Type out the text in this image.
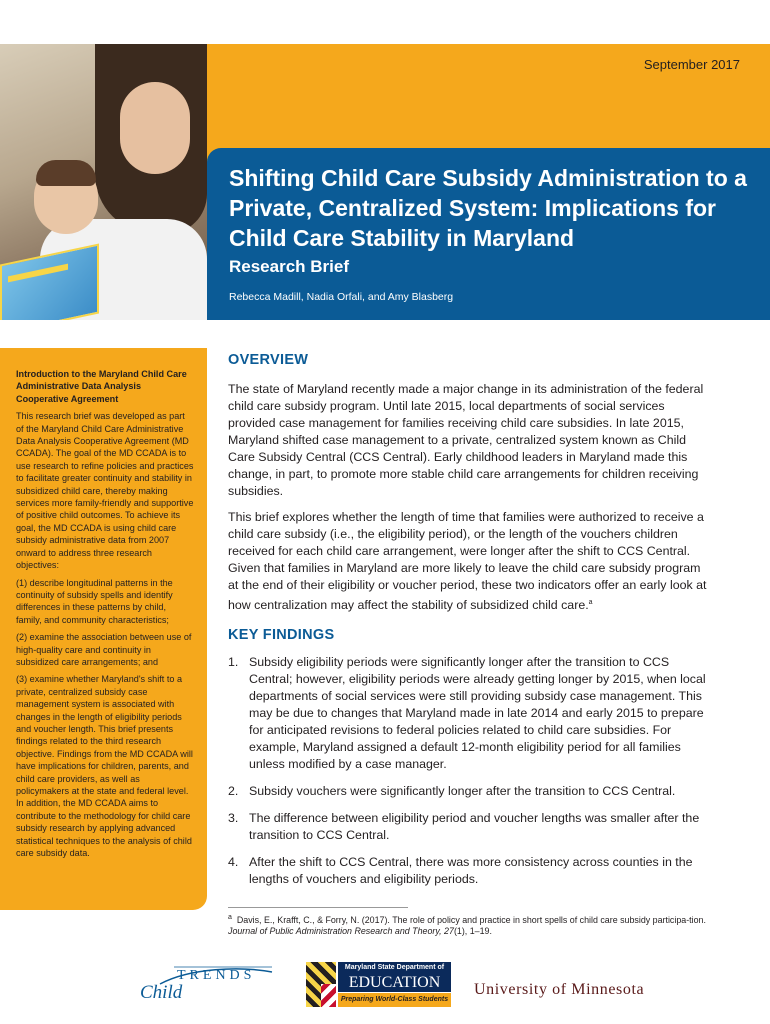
September 2017
Shifting Child Care Subsidy Administration to a Private, Centralized System: Implications for Child Care Stability in Maryland
Research Brief
Rebecca Madill, Nadia Orfali, and Amy Blasberg

Introduction to the Maryland Child Care Administrative Data Analysis Cooperative Agreement

This research brief was developed as part of the Maryland Child Care Administrative Data Analysis Cooperative Agreement (MD CCADA). The goal of the MD CCADA is to use research to refine policies and practices to facilitate greater continuity and stability in subsidized child care, thereby making services more family-friendly and supportive of positive child outcomes. To achieve its goal, the MD CCADA is using child care subsidy administrative data from 2007 onward to address three research objectives:

(1) describe longitudinal patterns in the continuity of subsidy spells and identify differences in these patterns by child, family, and community characteristics;

(2) examine the association between use of high-quality care and continuity in subsidized care arrangements; and

(3) examine whether Maryland's shift to a private, centralized subsidy case management system is associated with changes in the length of eligibility periods and voucher length. This brief presents findings related to the third research objective. Findings from the MD CCADA will have implications for children, parents, and child care providers, as well as policymakers at the state and federal level. In addition, the MD CCADA aims to contribute to the methodology for child care subsidy research by applying advanced statistical techniques to the analysis of child care subsidy data.

OVERVIEW

The state of Maryland recently made a major change in its administration of the federal child care subsidy program. Until late 2015, local departments of social services provided case management for families receiving child care subsidies. In late 2015, Maryland shifted case management to a private, centralized system known as Child Care Subsidy Central (CCS Central). Early childhood leaders in Maryland made this change, in part, to promote more stable child care arrangements for children receiving subsidies.

This brief explores whether the length of time that families were authorized to receive a child care subsidy (i.e., the eligibility period), or the length of the vouchers children received for each child care arrangement, were longer after the shift to CCS Central. Given that families in Maryland are more likely to leave the child care subsidy program at the end of their eligibility or voucher period, these two indicators offer an early look at how centralization may affect the stability of subsidized child care.$^a$

KEY FINDINGS
1. Subsidy eligibility periods were significantly longer after the transition to CCS Central; however, eligibility periods were already getting longer by 2015, when local departments of social services were still providing subsidy case management. This may be due to changes that Maryland made in late 2014 and early 2015 to prepare for anticipated revisions to federal policies related to child care subsidies. For example, Maryland assigned a default 12-month eligibility period for all families unless modified by a case manager.
2. Subsidy vouchers were significantly longer after the transition to CCS Central.
3. The difference between eligibility period and voucher lengths was smaller after the transition to CCS Central.
4. After the shift to CCS Central, there was more consistency across counties in the lengths of vouchers and eligibility periods.
$^a$ Davis, E., Krafft, C., & Forry, N. (2017). The role of policy and practice in short spells of child care subsidy participa-tion. Journal of Public Administration Research and Theory, 27(1), 1–19.
TRENDS
Child
Maryland State Department of
EDUCATION
Preparing World-Class Students
University of Minnesota
